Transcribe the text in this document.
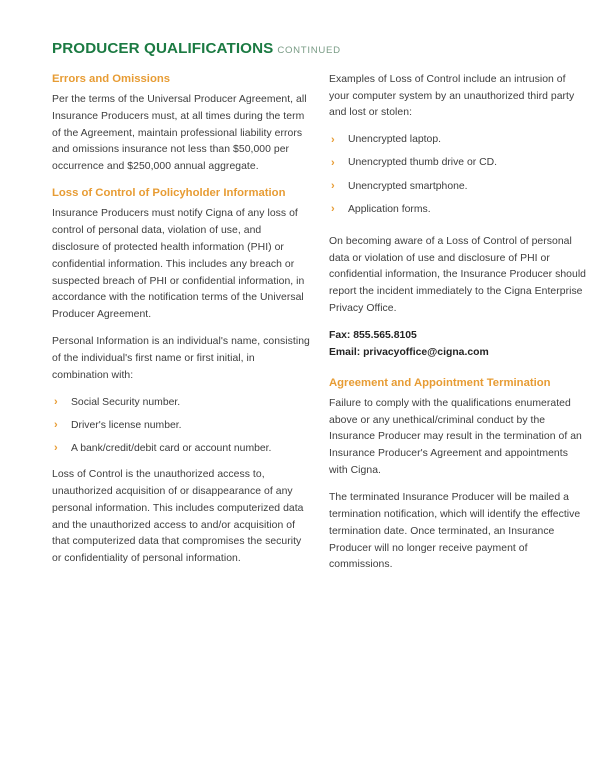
PRODUCER QUALIFICATIONS CONTINUED
Errors and Omissions

Per the terms of the Universal Producer Agreement, all Insurance Producers must, at all times during the term of the Agreement, maintain professional liability errors and omissions insurance not less than $50,000 per occurrence and $250,000 annual aggregate.

Loss of Control of Policyholder Information

Insurance Producers must notify Cigna of any loss of control of personal data, violation of use, and disclosure of protected health information (PHI) or confidential information. This includes any breach or suspected breach of PHI or confidential information, in accordance with the notification terms of the Universal Producer Agreement.

Personal Information is an individual's name, consisting of the individual's first name or first initial, in combination with:

› Social Security number.
› Driver's license number.
› A bank/credit/debit card or account number.

Loss of Control is the unauthorized access to, unauthorized acquisition of or disappearance of any personal information. This includes computerized data and the unauthorized access to and/or acquisition of that computerized data that compromises the security or confidentiality of personal information.

Examples of Loss of Control include an intrusion of your computer system by an unauthorized third party and lost or stolen:

› Unencrypted laptop.
› Unencrypted thumb drive or CD.
› Unencrypted smartphone.
› Application forms.

On becoming aware of a Loss of Control of personal data or violation of use and disclosure of PHI or confidential information, the Insurance Producer should report the incident immediately to the Cigna Enterprise Privacy Office.

Fax: 855.565.8105

Email: privacyoffice@cigna.com

Agreement and Appointment Termination

Failure to comply with the qualifications enumerated above or any unethical/criminal conduct by the Insurance Producer may result in the termination of an Insurance Producer's Agreement and appointments with Cigna.

The terminated Insurance Producer will be mailed a termination notification, which will identify the effective termination date. Once terminated, an Insurance Producer will no longer receive payment of commissions.
